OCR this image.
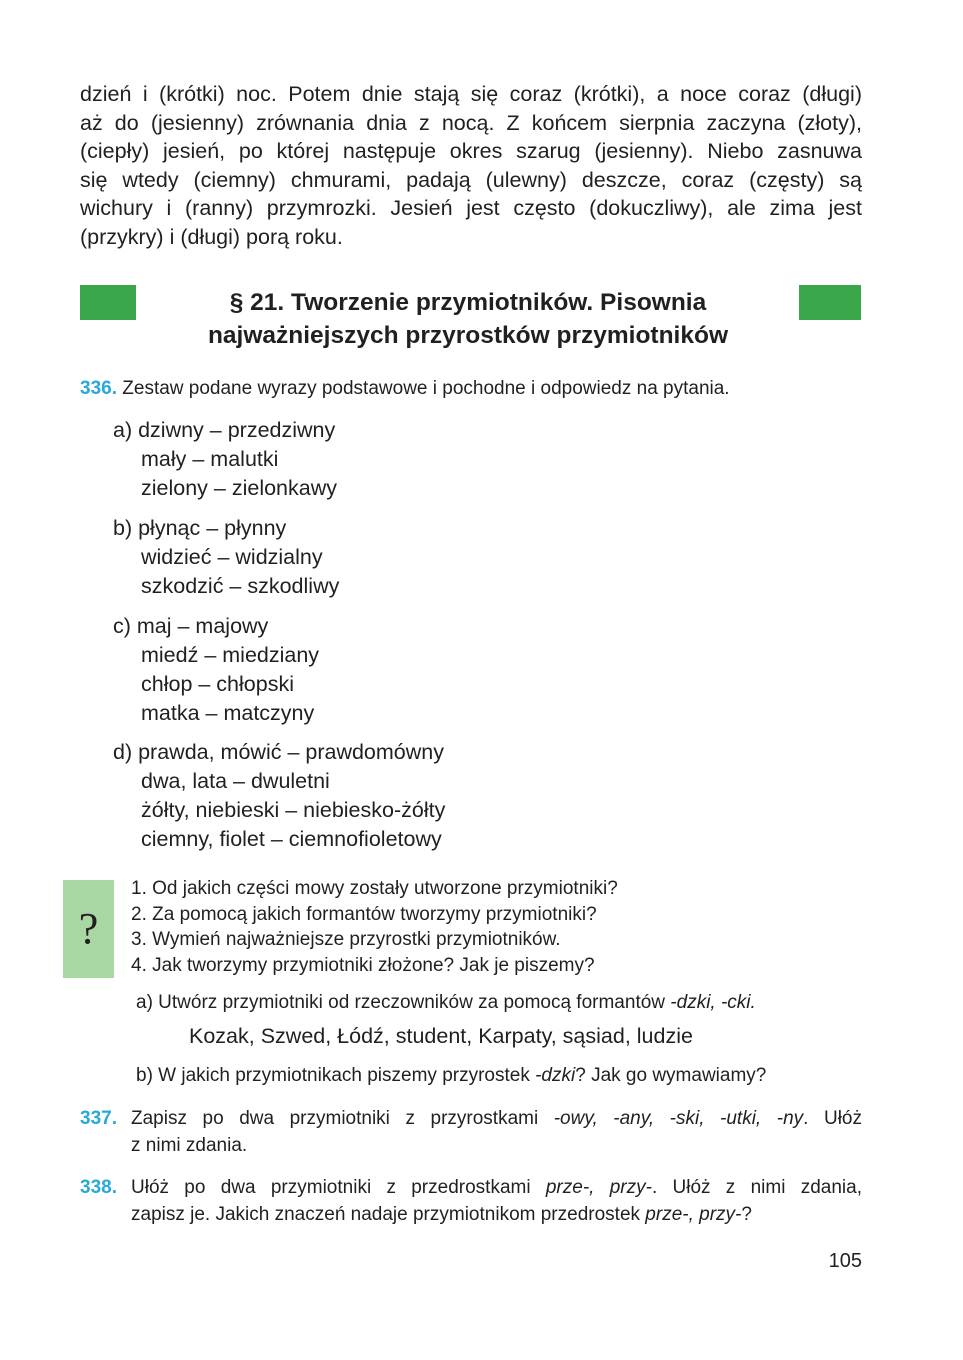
dzień i (krótki) noc. Potem dnie stają się coraz (krótki), a noce coraz (długi)
aż do (jesienny) zrównania dnia z nocą. Z końcem sierpnia zaczyna (złoty),
(ciepły) jesień, po której następuje okres szarug (jesienny). Niebo zasnuwa
się wtedy (ciemny) chmurami, padają (ulewny) deszcze, coraz (częsty) są
wichury i (ranny) przymrozki. Jesień jest często (dokuczliwy), ale zima jest
(przykry) i (długi) porą roku.
§ 21. Tworzenie przymiotników. Pisownia
najważniejszych przyrostków przymiotników
336. Zestaw podane wyrazy podstawowe i pochodne i odpowiedz na pytania.
a) dziwny – przedziwny
mały – malutki
zielony – zielonkawy
b) płynąc – płynny
widzieć – widzialny
szkodzić – szkodliwy
c) maj – majowy
miedź – miedziany
chłop – chłopski
matka – matczyny
d) prawda, mówić – prawdomówny
dwa, lata – dwuletni
żółty, niebieski – niebiesko-żółty
ciemny, fiolet – ciemnofioletowy
?
1. Od jakich części mowy zostały utworzone przymiotniki?
2. Za pomocą jakich formantów tworzymy przymiotniki?
3. Wymień najważniejsze przyrostki przymiotników.
4. Jak tworzymy przymiotniki złożone? Jak je piszemy?
a) Utwórz przymiotniki od rzeczowników za pomocą formantów -dzki, -cki.
Kozak, Szwed, Łódź, student, Karpaty, sąsiad, ludzie
b) W jakich przymiotnikach piszemy przyrostek -dzki? Jak go wymawiamy?
337. Zapisz po dwa przymiotniki z przyrostkami -owy, -any, -ski, -utki, -ny. Ułóż
z nimi zdania.
338. Ułóż po dwa przymiotniki z przedrostkami prze-, przy-. Ułóż z nimi zdania,
zapisz je. Jakich znaczeń nadaje przymiotnikom przedrostek prze-, przy-?
105
